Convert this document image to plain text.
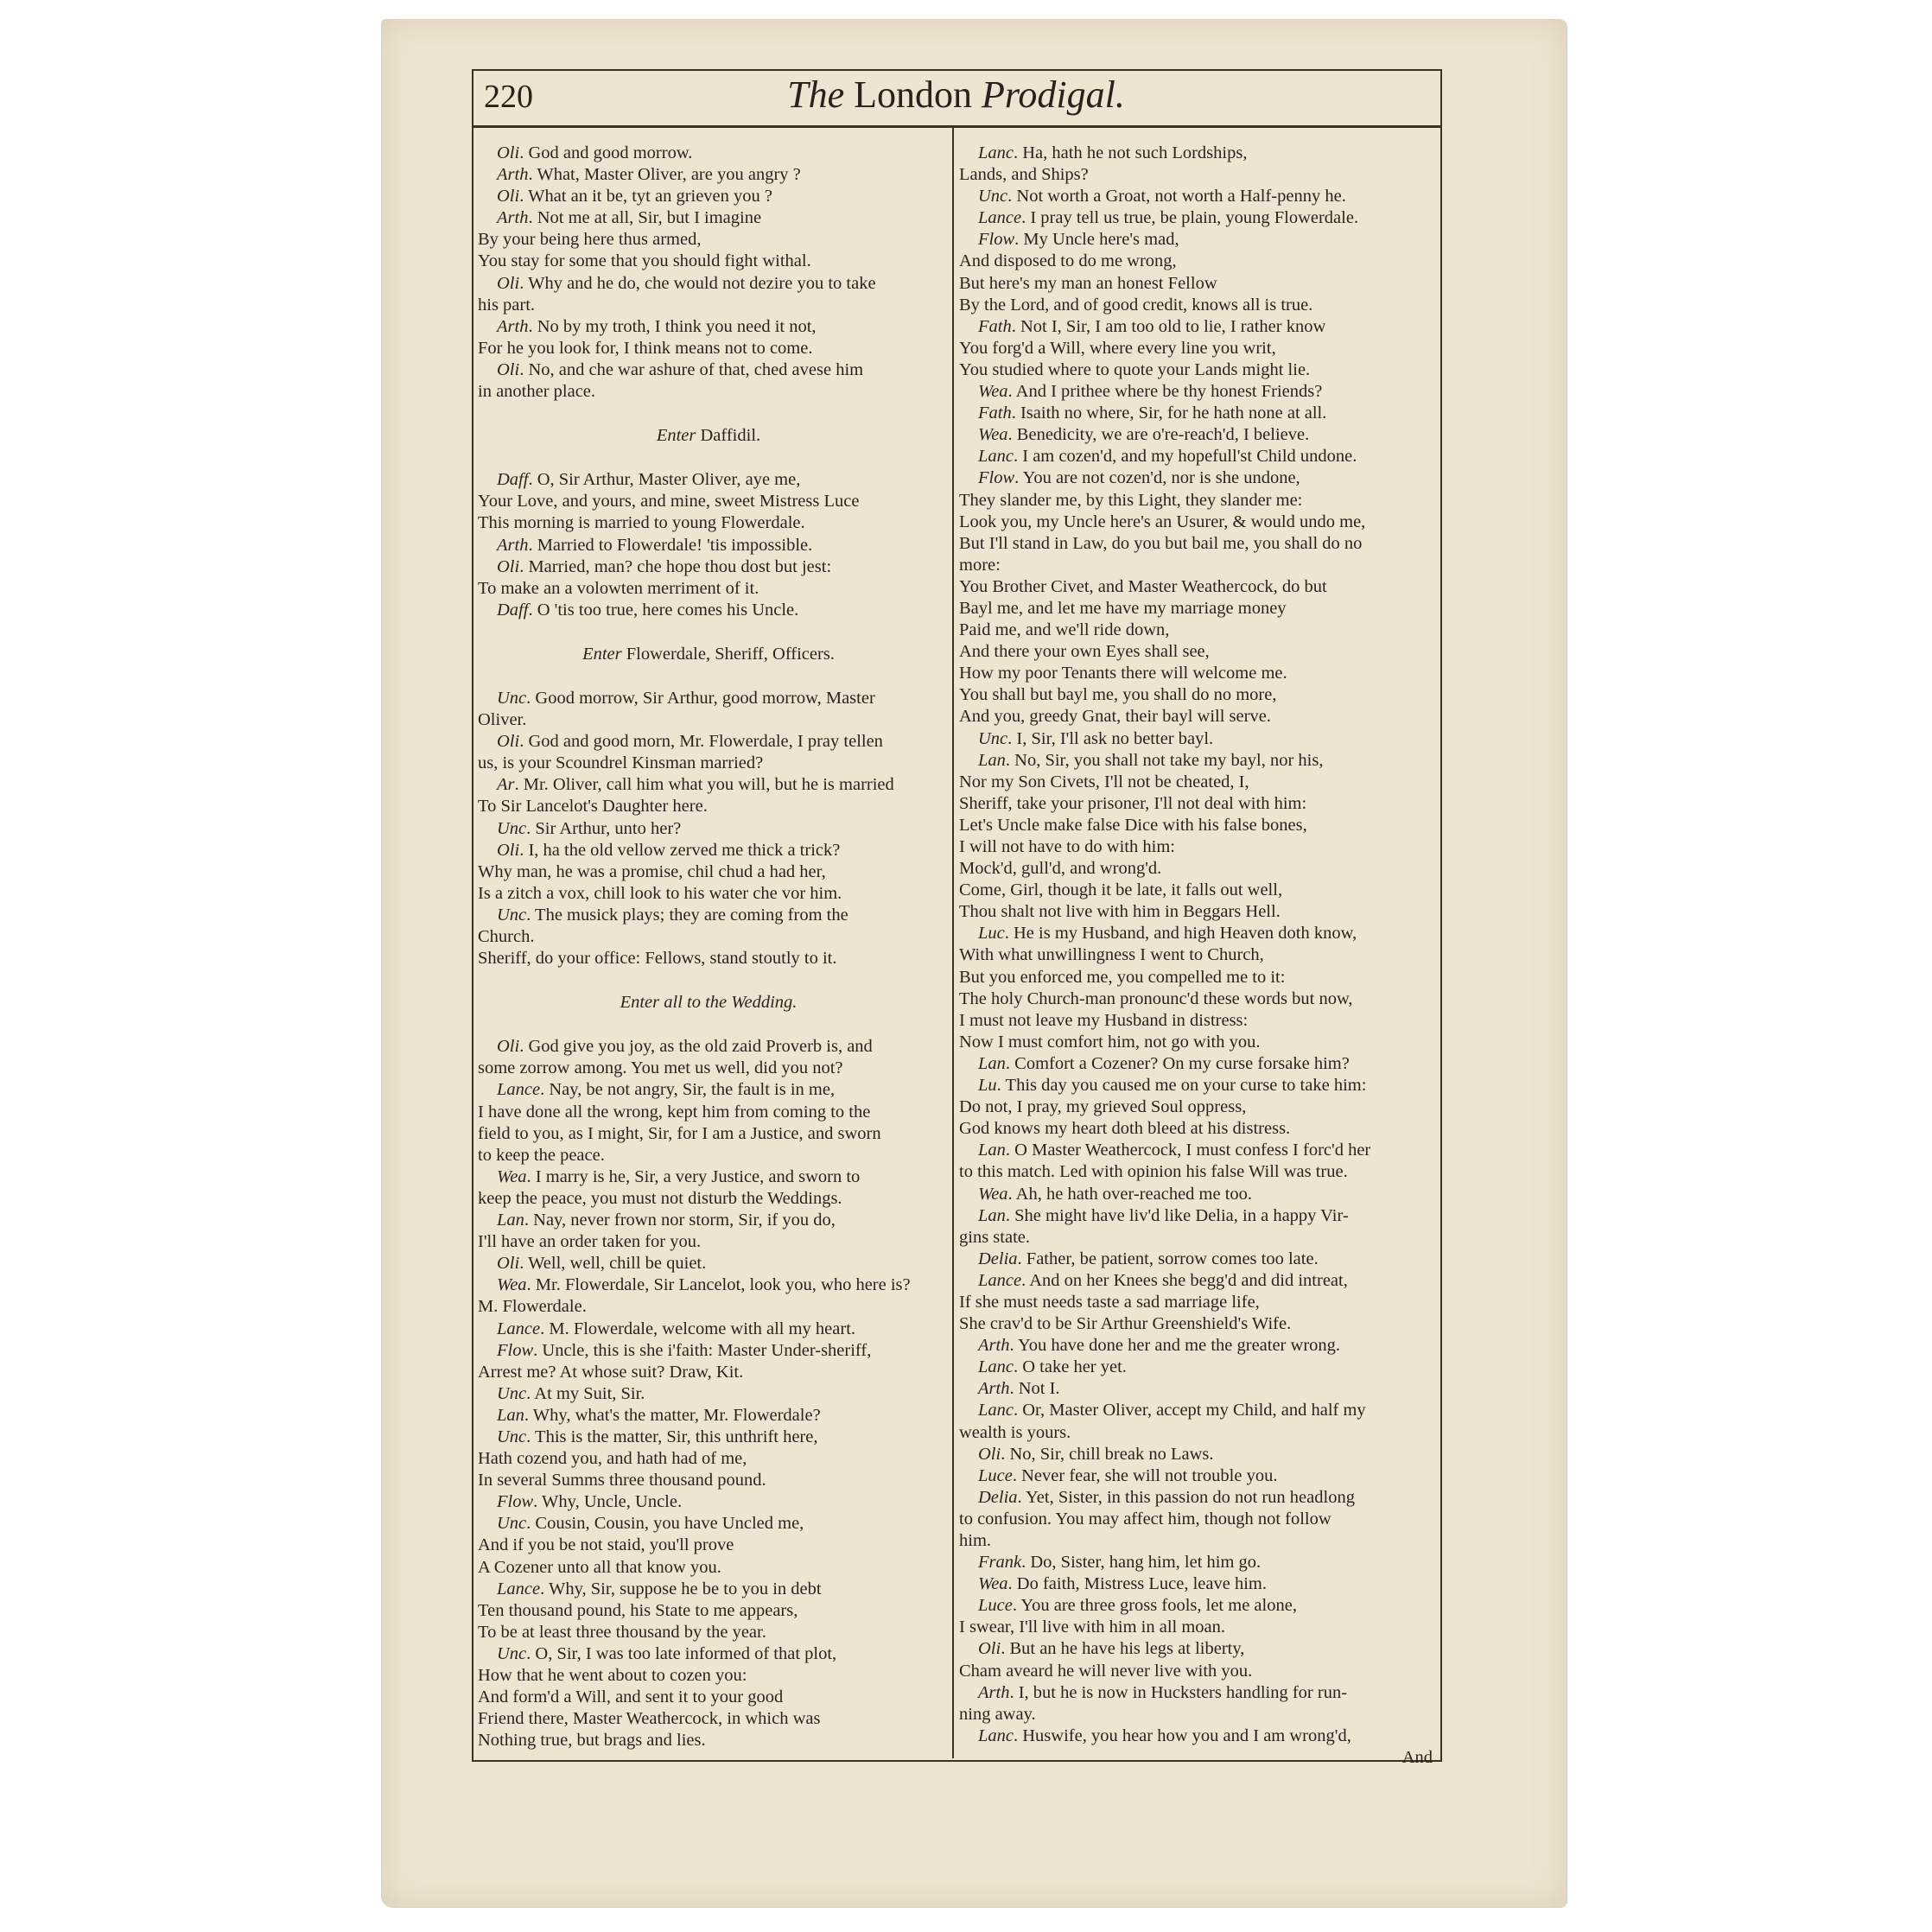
220	The London Prodigal.
Oli. God and good morrow.
Arth. What, Master Oliver, are you angry ?
Oli. What an it be, tyt an grieven you ?
Arth. Not me at all, Sir, but I imagine
By your being here thus armed,
You stay for some that you should fight withal.
Oli. Why and he do, che would not dezire you to take
his part.
Arth. No by my troth, I think you need it not,
For he you look for, I think means not to come.
Oli. No, and che war ashure of that, ched avese him
in another place.
Enter Daffidil.
Daff. O, Sir Arthur, Master Oliver, aye me,
Your Love, and yours, and mine, sweet Mistress Luce
This morning is married to young Flowerdale.
Arth. Married to Flowerdale! 'tis impossible.
Oli. Married, man? che hope thou dost but jest:
To make an a volowten merriment of it.
Daff. O 'tis too true, here comes his Uncle.
Enter Flowerdale, Sheriff, Officers.
Unc. Good morrow, Sir Arthur, good morrow, Master
Oliver.
Oli. God and good morn, Mr. Flowerdale, I pray tellen
us, is your Scoundrel Kinsman married?
Ar. Mr. Oliver, call him what you will, but he is married
To Sir Lancelot's Daughter here.
Unc. Sir Arthur, unto her?
Oli. I, ha the old vellow zerved me thick a trick?
Why man, he was a promise, chil chud a had her,
Is a zitch a vox, chill look to his water che vor him.
Unc. The musick plays; they are coming from the
Church.
Sheriff, do your office: Fellows, stand stoutly to it.
Enter all to the Wedding.
Oli. God give you joy, as the old zaid Proverb is, and
some zorrow among. You met us well, did you not?
Lance. Nay, be not angry, Sir, the fault is in me,
I have done all the wrong, kept him from coming to the
field to you, as I might, Sir, for I am a Justice, and sworn
to keep the peace.
Wea. I marry is he, Sir, a very Justice, and sworn to
keep the peace, you must not disturb the Weddings.
Lan. Nay, never frown nor storm, Sir, if you do,
I'll have an order taken for you.
Oli. Well, well, chill be quiet.
Wea. Mr. Flowerdale, Sir Lancelot, look you, who here is?
M. Flowerdale.
Lance. M. Flowerdale, welcome with all my heart.
Flow. Uncle, this is she i'faith: Master Under-sheriff,
Arrest me? At whose suit? Draw, Kit.
Unc. At my Suit, Sir.
Lan. Why, what's the matter, Mr. Flowerdale?
Unc. This is the matter, Sir, this unthrift here,
Hath cozend you, and hath had of me,
In several Summs three thousand pound.
Flow. Why, Uncle, Uncle.
Unc. Cousin, Cousin, you have Uncled me,
And if you be not staid, you'll prove
A Cozener unto all that know you.
Lance. Why, Sir, suppose he be to you in debt
Ten thousand pound, his State to me appears,
To be at least three thousand by the year.
Unc. O, Sir, I was too late informed of that plot,
How that he went about to cozen you:
And form'd a Will, and sent it to your good
Friend there, Master Weathercock, in which was
Nothing true, but brags and lies.
Lanc. Ha, hath he not such Lordships,
Lands, and Ships?
Unc. Not worth a Groat, not worth a Half-penny he.
Lance. I pray tell us true, be plain, young Flowerdale.
Flow. My Uncle here's mad,
And disposed to do me wrong,
But here's my man an honest Fellow
By the Lord, and of good credit, knows all is true.
Fath. Not I, Sir, I am too old to lie, I rather know
You forg'd a Will, where every line you writ,
You studied where to quote your Lands might lie.
Wea. And I prithee where be thy honest Friends?
Fath. Isaith no where, Sir, for he hath none at all.
Wea. Benedicity, we are o're-reach'd, I believe.
Lanc. I am cozen'd, and my hopefull'st Child undone.
Flow. You are not cozen'd, nor is she undone,
They slander me, by this Light, they slander me:
Look you, my Uncle here's an Usurer, & would undo me,
But I'll stand in Law, do you but bail me, you shall do no
more:
You Brother Civet, and Master Weathercock, do but
Bayl me, and let me have my marriage money
Paid me, and we'll ride down,
And there your own Eyes shall see,
How my poor Tenants there will welcome me.
You shall but bayl me, you shall do no more,
And you, greedy Gnat, their bayl will serve.
Unc. I, Sir, I'll ask no better bayl.
Lan. No, Sir, you shall not take my bayl, nor his,
Nor my Son Civets, I'll not be cheated, I,
Sheriff, take your prisoner, I'll not deal with him:
Let's Uncle make false Dice with his false bones,
I will not have to do with him:
Mock'd, gull'd, and wrong'd.
Come, Girl, though it be late, it falls out well,
Thou shalt not live with him in Beggars Hell.
Luc. He is my Husband, and high Heaven doth know,
With what unwillingness I went to Church,
But you enforced me, you compelled me to it:
The holy Church-man pronounc'd these words but now,
I must not leave my Husband in distress:
Now I must comfort him, not go with you.
Lan. Comfort a Cozener? On my curse forsake him?
Lu. This day you caused me on your curse to take him:
Do not, I pray, my grieved Soul oppress,
God knows my heart doth bleed at his distress.
Lan. O Master Weathercock, I must confess I forc'd her
to this match. Led with opinion his false Will was true.
Wea. Ah, he hath over-reached me too.
Lan. She might have liv'd like Delia, in a happy Vir-
gins state.
Delia. Father, be patient, sorrow comes too late.
Lance. And on her Knees she begg'd and did intreat,
If she must needs taste a sad marriage life,
She crav'd to be Sir Arthur Greenshield's Wife.
Arth. You have done her and me the greater wrong.
Lanc. O take her yet.
Arth. Not I.
Lanc. Or, Master Oliver, accept my Child, and half my
wealth is yours.
Oli. No, Sir, chill break no Laws.
Luce. Never fear, she will not trouble you.
Delia. Yet, Sister, in this passion do not run headlong
to confusion. You may affect him, though not follow
him.
Frank. Do, Sister, hang him, let him go.
Wea. Do faith, Mistress Luce, leave him.
Luce. You are three gross fools, let me alone,
I swear, I'll live with him in all moan.
Oli. But an he have his legs at liberty,
Cham aveard he will never live with you.
Arth. I, but he is now in Hucksters handling for run-
ning away.
Lanc. Huswife, you hear how you and I am wrong'd,
And
